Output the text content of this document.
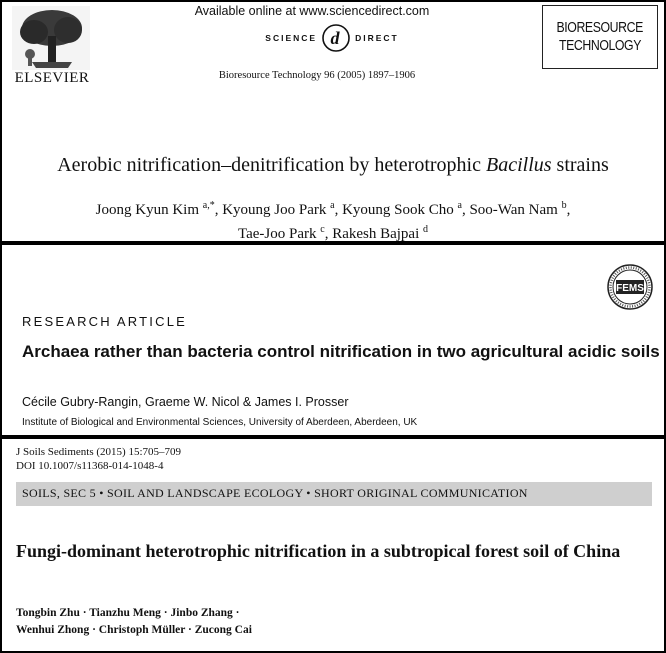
ELSEVIER
Available online at www.sciencedirect.com
SCIENCE d DIRECT
Bioresource Technology 96 (2005) 1897–1906
BIORESOURCE
TECHNOLOGY
Aerobic nitrification–denitrification by heterotrophic Bacillus strains
Joong Kyun Kim $^{a,*}$, Kyoung Joo Park $^a$, Kyoung Sook Cho $^a$, Soo-Wan Nam $^b$,
Tae-Joo Park $^c$, Rakesh Bajpai $^d$
FEMS
RESEARCH ARTICLE
Archaea rather than bacteria control nitrification in two agricultural acidic soils
Cécile Gubry-Rangin, Graeme W. Nicol & James I. Prosser
Institute of Biological and Environmental Sciences, University of Aberdeen, Aberdeen, UK
J Soils Sediments (2015) 15:705–709
DOI 10.1007/s11368-014-1048-4
SOILS, SEC 5 • SOIL AND LANDSCAPE ECOLOGY • SHORT ORIGINAL COMMUNICATION
Fungi-dominant heterotrophic nitrification in a subtropical forest soil of China
Tongbin Zhu · Tianzhu Meng · Jinbo Zhang ·
Wenhui Zhong · Christoph Müller · Zucong Cai
